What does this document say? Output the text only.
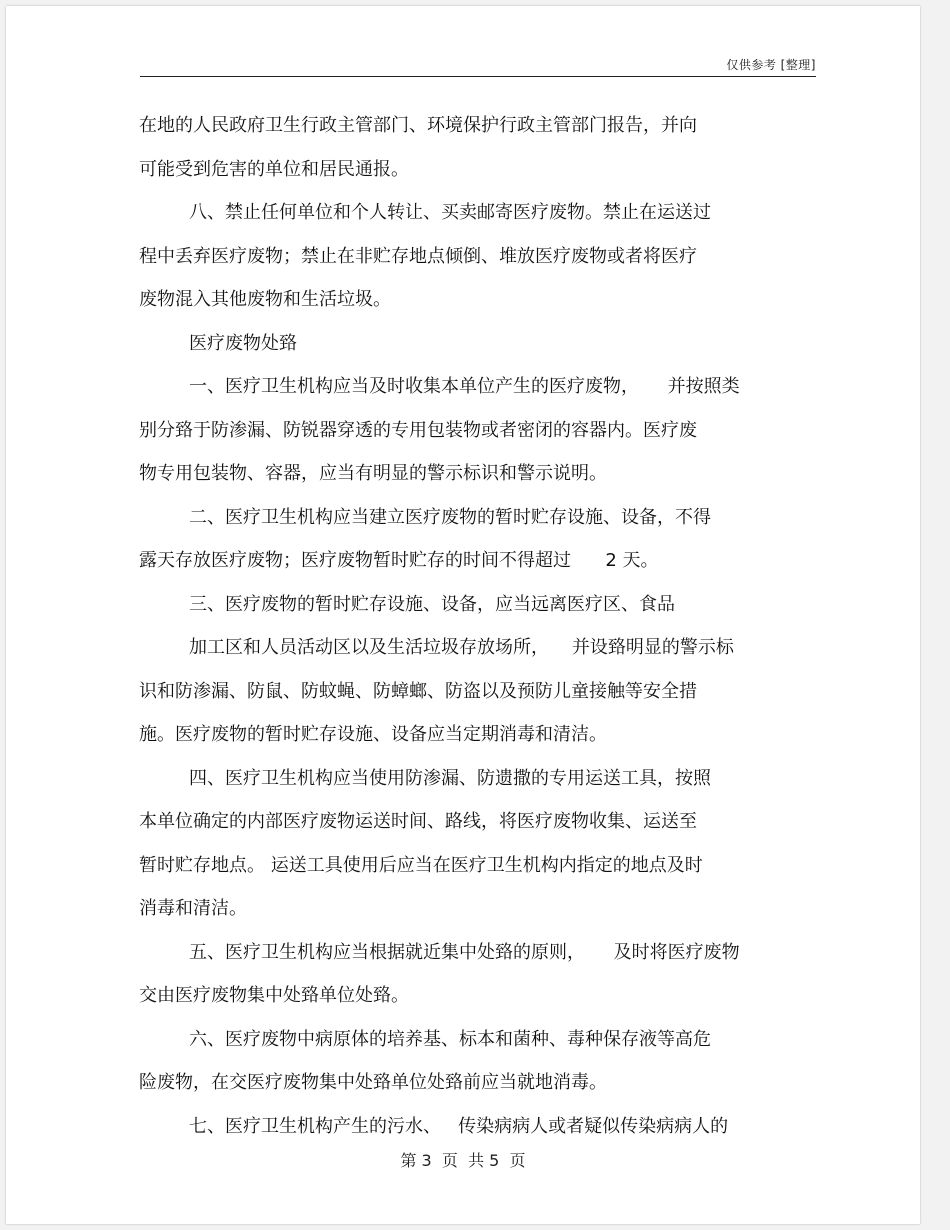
仅供参考 [整理]
在地的人民政府卫生行政主管部门、环境保护行政主管部门报告，并向
可能受到危害的单位和居民通报。
八、禁止任何单位和个人转让、买卖邮寄医疗废物。禁止在运送过
程中丢弃医疗废物；禁止在非贮存地点倾倒、堆放医疗废物或者将医疗
废物混入其他废物和生活垃圾。
医疗废物处臵
一、医疗卫生机构应当及时收集本单位产生的医疗废物，     并按照类
别分臵于防渗漏、防锐器穿透的专用包装物或者密闭的容器内。医疗废
物专用包装物、容器，应当有明显的警示标识和警示说明。
二、医疗卫生机构应当建立医疗废物的暂时贮存设施、设备，不得
露天存放医疗废物；医疗废物暂时贮存的时间不得超过      2 天。
三、医疗废物的暂时贮存设施、设备，应当远离医疗区、食品
加工区和人员活动区以及生活垃圾存放场所，    并设臵明显的警示标
识和防渗漏、防鼠、防蚊蝇、防蟑螂、防盗以及预防儿童接触等安全措
施。医疗废物的暂时贮存设施、设备应当定期消毒和清洁。
四、医疗卫生机构应当使用防渗漏、防遗撒的专用运送工具，按照
本单位确定的内部医疗废物运送时间、路线，将医疗废物收集、运送至
暂时贮存地点。 运送工具使用后应当在医疗卫生机构内指定的地点及时
消毒和清洁。
五、医疗卫生机构应当根据就近集中处臵的原则，     及时将医疗废物
交由医疗废物集中处臵单位处臵。
六、医疗废物中病原体的培养基、标本和菌种、毒种保存液等高危
险废物，在交医疗废物集中处臵单位处臵前应当就地消毒。
七、医疗卫生机构产生的污水、   传染病病人或者疑似传染病病人的
第 3  页  共 5  页
